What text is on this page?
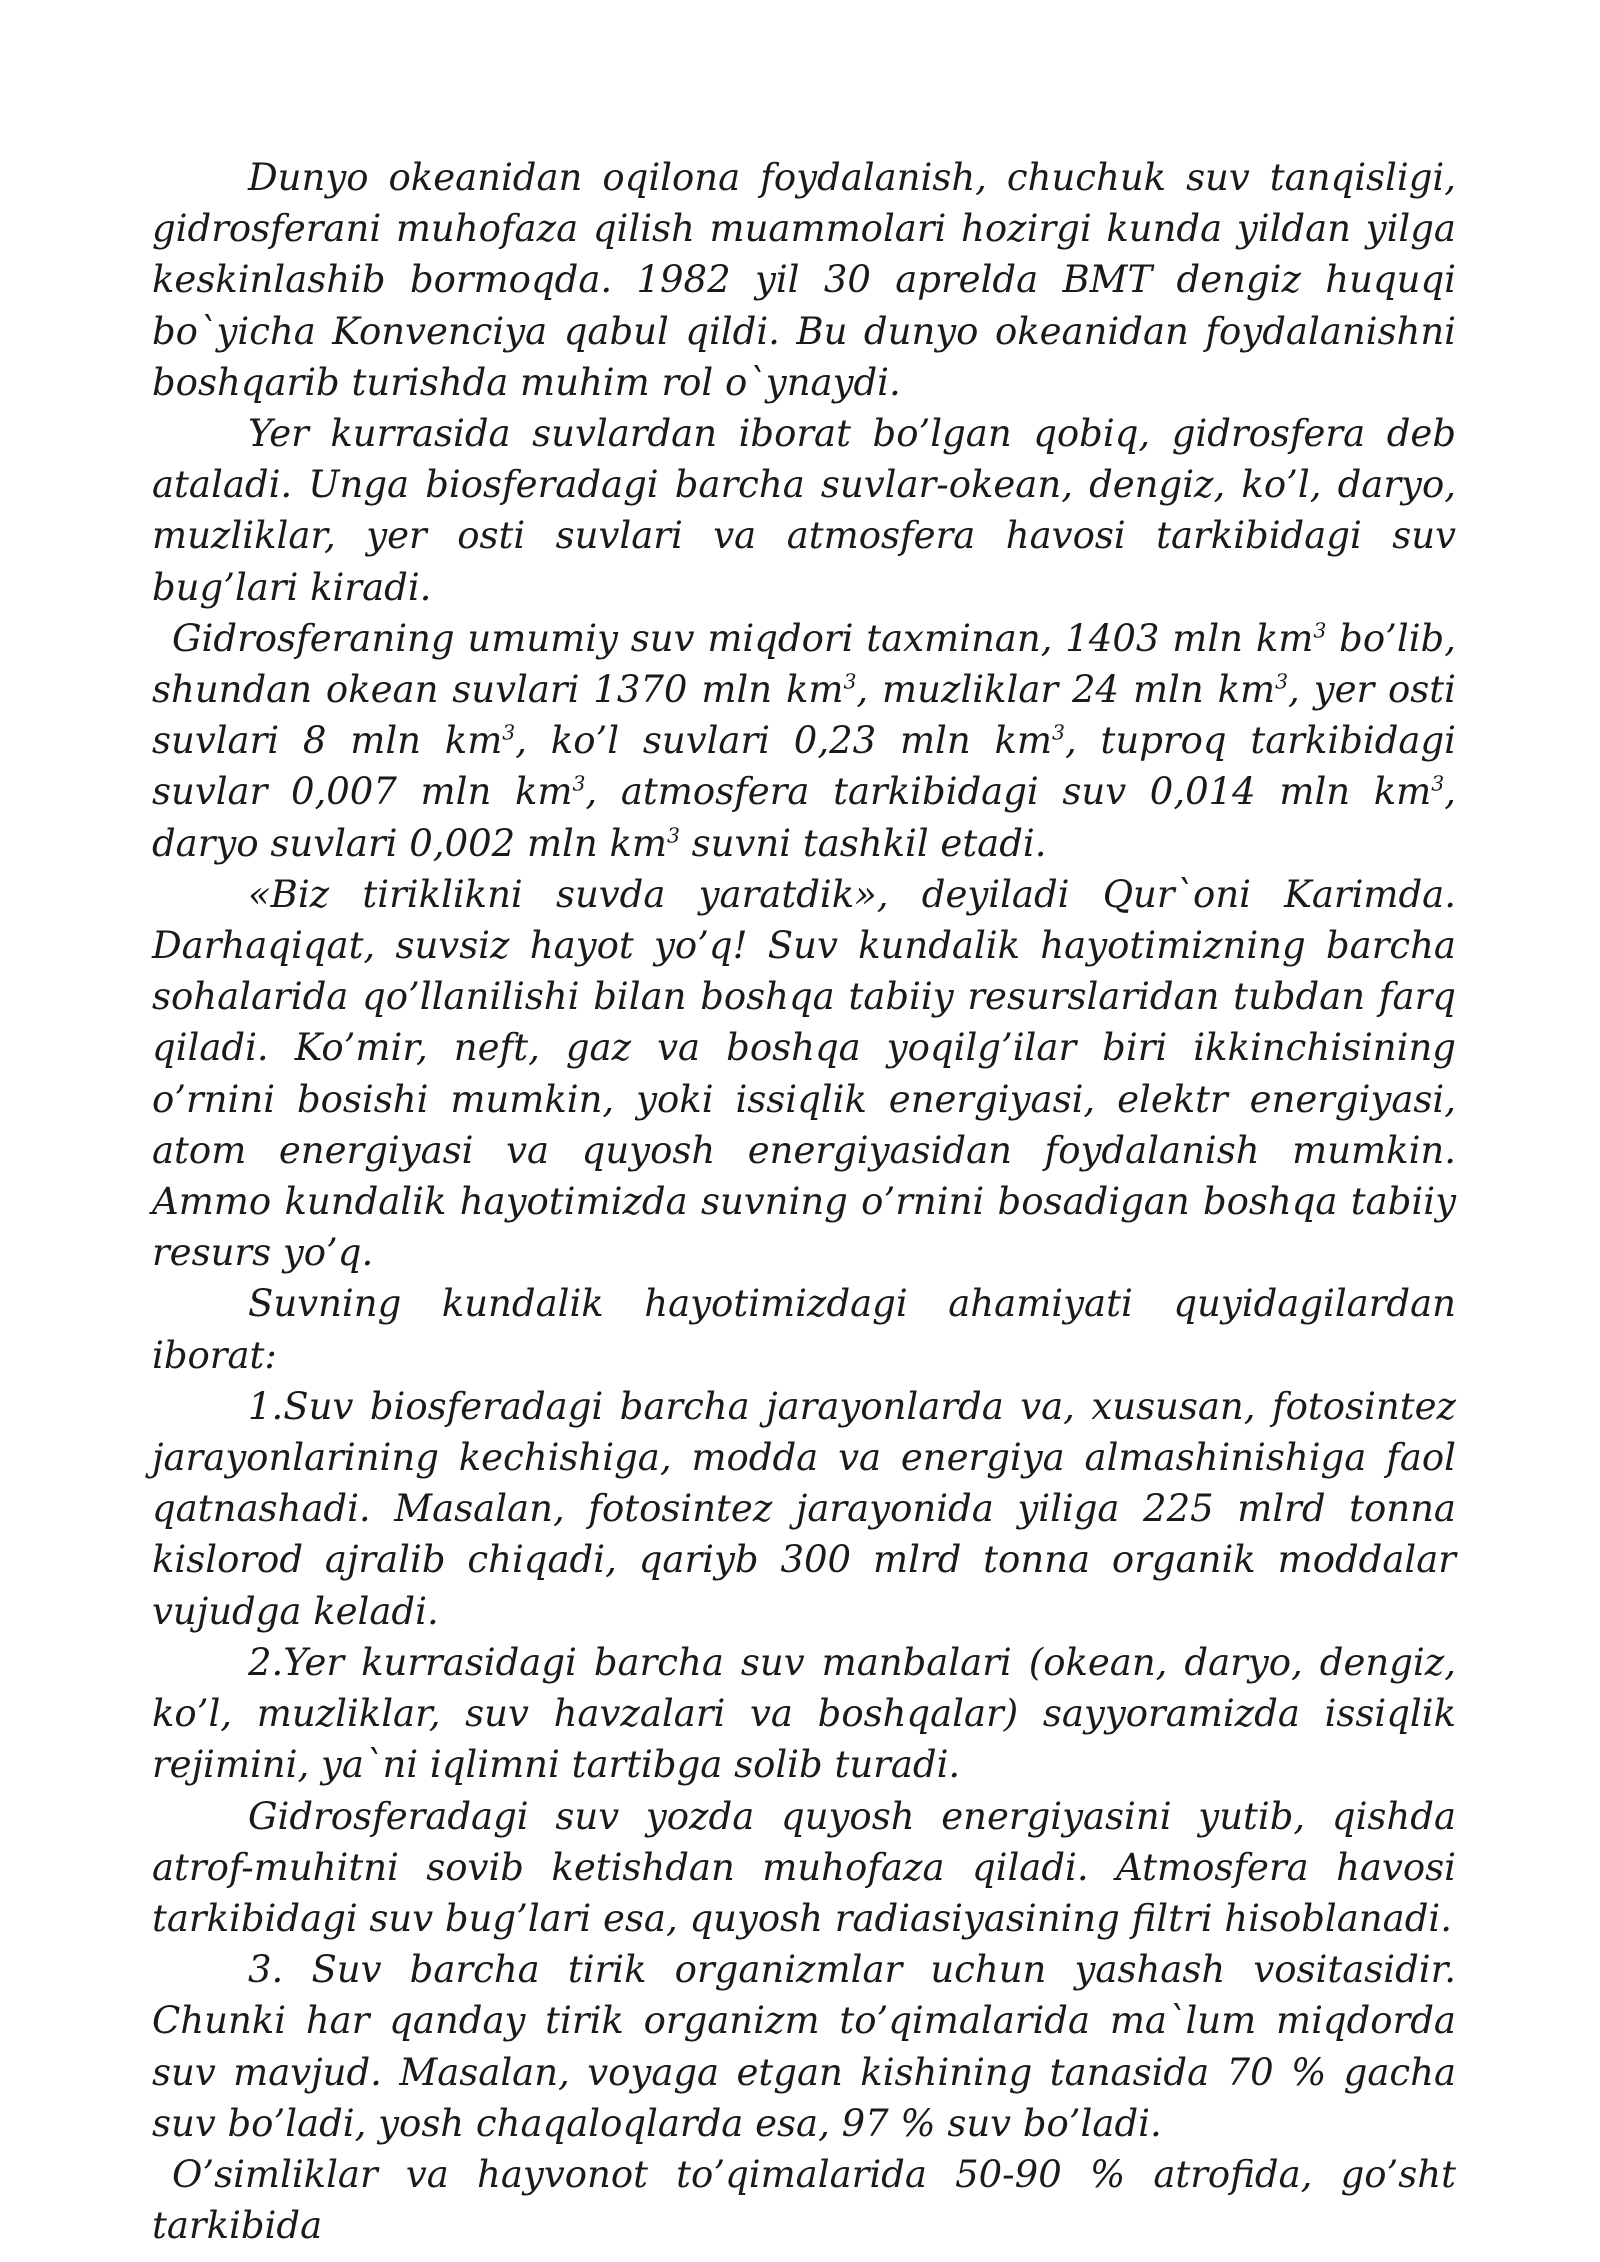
Dunyo okeanidan oqilona foydalanish, chuchuk suv tanqisligi, gidrosferani muhofaza qilish muammolari hozirgi kunda yildan yilga keskinlashib bormoqda. 1982 yil 30 aprelda BMT dengiz huquqi bo`yicha Konvenciya qabul qildi. Bu dunyo okeanidan foydalanishni boshqarib turishda muhim rol o`ynaydi.

Yer kurrasida suvlardan iborat bo’lgan qobiq, gidrosfera deb ataladi. Unga biosferadagi barcha suvlar-okean, dengiz, ko’l, daryo, muzliklar, yer osti suvlari va atmosfera havosi tarkibidagi suv bug’lari kiradi.

Gidrosferaning umumiy suv miqdori taxminan, 1403 mln $km^3$ bo’lib, shundan okean suvlari 1370 mln $km^3$, muzliklar 24 mln $km^3$, yer osti suvlari 8 mln $km^3$, ko’l suvlari 0,23 mln $km^3$, tuproq tarkibidagi suvlar 0,007 mln $km^3$, atmosfera tarkibidagi suv 0,014 mln $km^3$, daryo suvlari 0,002 mln $km^3$ suvni tashkil etadi.

«Biz tiriklikni suvda yaratdik», deyiladi Qur`oni Karimda. Darhaqiqat, suvsiz hayot yo’q! Suv kundalik hayotimizning barcha sohalarida qo’llanilishi bilan boshqa tabiiy resurslaridan tubdan farq qiladi. Ko’mir, neft, gaz va boshqa yoqilg’ilar biri ikkinchisining o’rnini bosishi mumkin, yoki issiqlik energiyasi, elektr energiyasi, atom energiyasi va quyosh energiyasidan foydalanish mumkin. Ammo kundalik hayotimizda suvning o’rnini bosadigan boshqa tabiiy resurs yo’q.

Suvning kundalik hayotimizdagi ahamiyati quyidagilardan iborat:

1.Suv biosferadagi barcha jarayonlarda va, xususan, fotosintez jarayonlarining kechishiga, modda va energiya almashinishiga faol qatnashadi. Masalan, fotosintez jarayonida yiliga 225 mlrd tonna kislorod ajralib chiqadi, qariyb 300 mlrd tonna organik moddalar vujudga keladi.

2.Yer kurrasidagi barcha suv manbalari (okean, daryo, dengiz, ko’l, muzliklar, suv havzalari va boshqalar) sayyoramizda issiqlik rejimini, ya`ni iqlimni tartibga solib turadi.

Gidrosferadagi suv yozda quyosh energiyasini yutib, qishda atrof-muhitni sovib ketishdan muhofaza qiladi. Atmosfera havosi tarkibidagi suv bug’lari esa, quyosh radiasiyasining filtri hisoblanadi.

3. Suv barcha tirik organizmlar uchun yashash vositasidir. Chunki har qanday tirik organizm to’qimalarida ma`lum miqdorda suv mavjud. Masalan, voyaga etgan kishining tanasida 70 % gacha suv bo’ladi, yosh chaqaloqlarda esa, 97 % suv bo’ladi.

O’simliklar va hayvonot to’qimalarida 50-90 % atrofida, go’sht tarkibida
